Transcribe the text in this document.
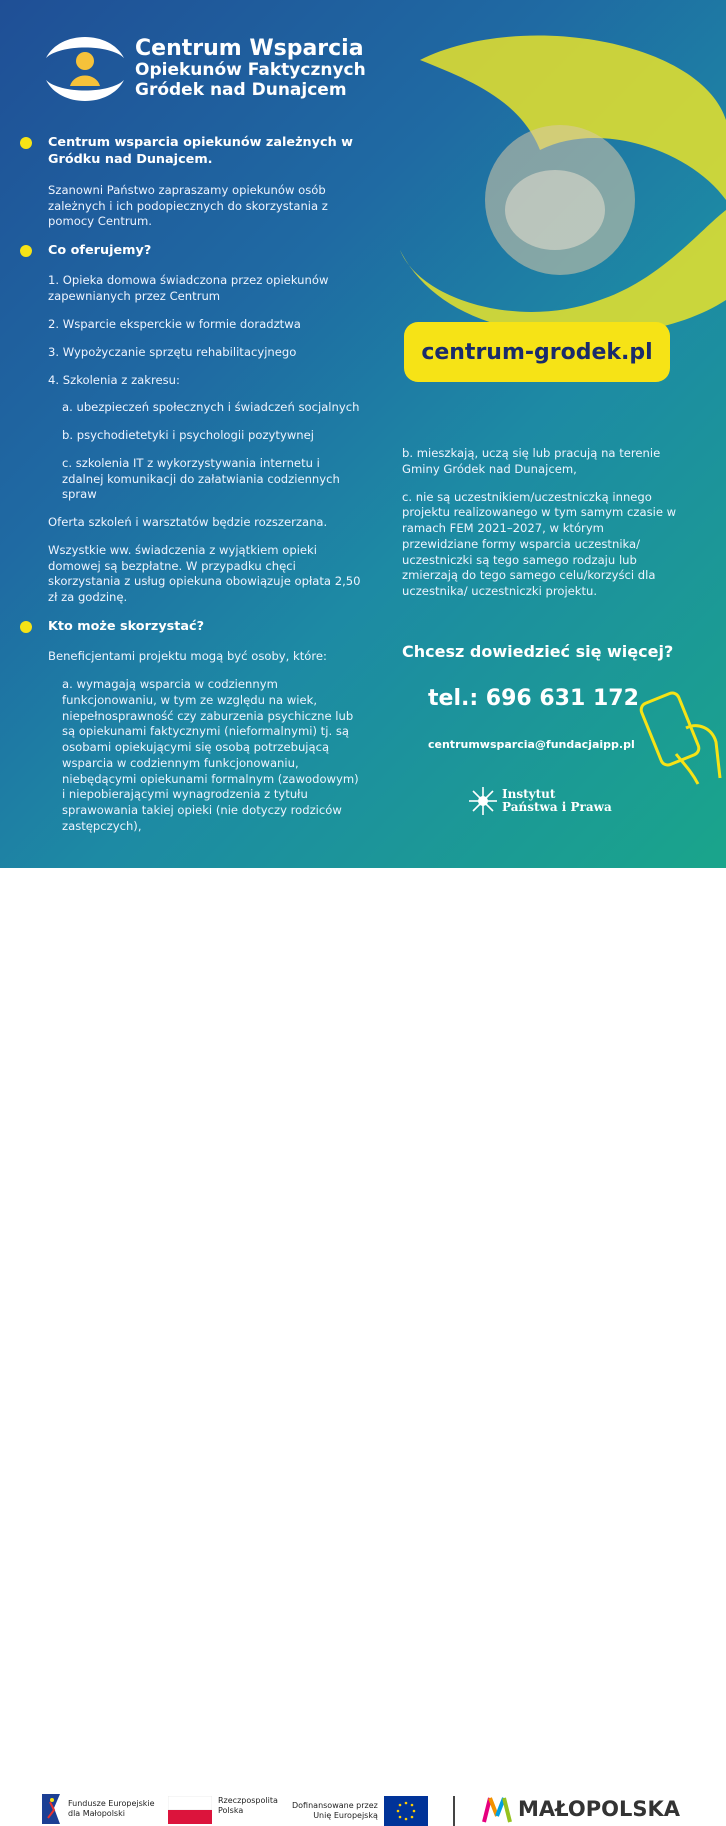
Centrum Wsparcia
Opiekunów Faktycznych
Gródek nad Dunajcem
Centrum wsparcia opiekunów zależnych w Gródku nad Dunajcem.

Szanowni Państwo zapraszamy opiekunów osób zależnych i ich podopiecznych do skorzystania z pomocy Centrum.

Co oferujemy?

1. Opieka domowa świadczona przez opiekunów zapewnianych przez Centrum

2. Wsparcie eksperckie w formie doradztwa

3. Wypożyczanie sprzętu rehabilitacyjnego

4. Szkolenia z zakresu:

a. ubezpieczeń społecznych i świadczeń socjalnych

b. psychodietetyki i psychologii pozytywnej

c. szkolenia IT z wykorzystywania internetu i zdalnej komunikacji do załatwiania codziennych spraw

Oferta szkoleń i warsztatów będzie rozszerzana.

Wszystkie ww. świadczenia z wyjątkiem opieki domowej są bezpłatne. W przypadku chęci skorzystania z usług opiekuna obowiązuje opłata 2,50 zł za godzinę.

Kto może skorzystać?

Beneficjentami projektu mogą być osoby, które:

a. wymagają wsparcia w codziennym funkcjonowaniu, w tym ze względu na wiek, niepełnosprawność czy zaburzenia psychiczne lub są opiekunami faktycznymi (nieformalnymi) tj. są osobami opiekującymi się osobą potrzebującą wsparcia w codziennym funkcjonowaniu, niebędącymi opiekunami formalnym (zawodowym) i niepobierającymi wynagrodzenia z tytułu sprawowania takiej opieki (nie dotyczy rodziców zastępczych),

centrum-grodek.pl

b. mieszkają, uczą się lub pracują na terenie Gminy Gródek nad Dunajcem,

c. nie są uczestnikiem/uczestniczką innego projektu realizowanego w tym samym czasie w ramach FEM 2021–2027, w którym przewidziane formy wsparcia uczestnika/ uczestniczki są tego samego rodzaju lub zmierzają do tego samego celu/korzyści dla uczestnika/ uczestniczki projektu.

Chcesz dowiedzieć się więcej?
tel.: 696 631 172
centrumwsparcia@fundacjaipp.pl
Instytut
Państwa i Prawa
Fundusze Europejskie
dla Małopolski
Rzeczpospolita
Polska	Dofinansowane przez
Unię Europejską	MAŁOPOLSKA
